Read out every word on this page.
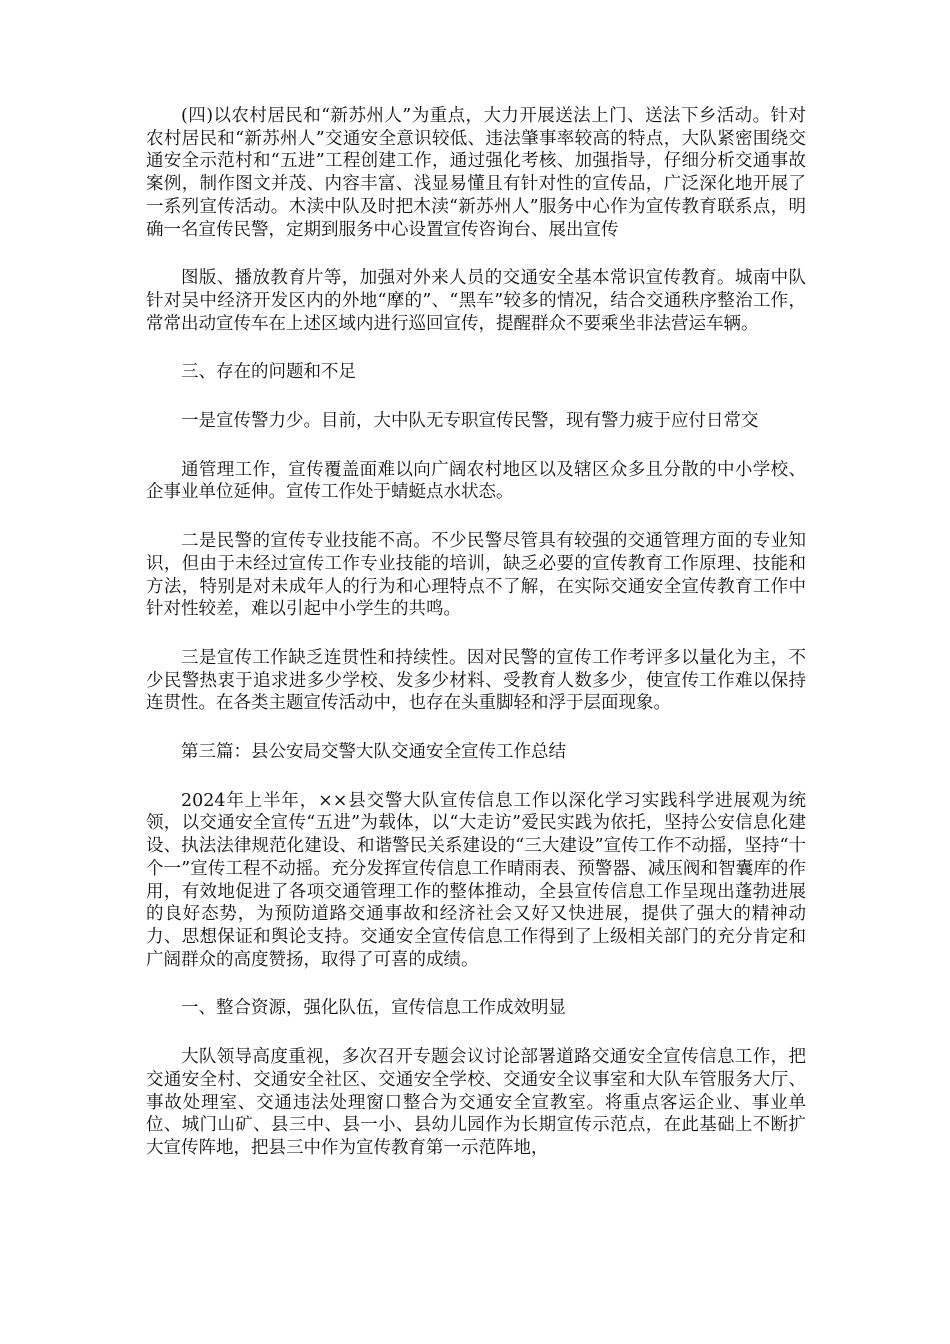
(四)以农村居民和“新苏州人”为重点，大力开展送法上门、送法下乡活动。针对农村居民和“新苏州人”交通安全意识较低、违法肇事率较高的特点，大队紧密围绕交通安全示范村和“五进”工程创建工作，通过强化考核、加强指导，仔细分析交通事故案例，制作图文并茂、内容丰富、浅显易懂且有针对性的宣传品，广泛深化地开展了一系列宣传活动。木渎中队及时把木渎“新苏州人”服务中心作为宣传教育联系点，明确一名宣传民警，定期到服务中心设置宣传咨询台、展出宣传

图版、播放教育片等，加强对外来人员的交通安全基本常识宣传教育。城南中队针对吴中经济开发区内的外地“摩的”、“黑车”较多的情况，结合交通秩序整治工作，常常出动宣传车在上述区域内进行巡回宣传，提醒群众不要乘坐非法营运车辆。

三、存在的问题和不足

一是宣传警力少。目前，大中队无专职宣传民警，现有警力疲于应付日常交

通管理工作，宣传覆盖面难以向广阔农村地区以及辖区众多且分散的中小学校、企事业单位延伸。宣传工作处于蜻蜓点水状态。

二是民警的宣传专业技能不高。不少民警尽管具有较强的交通管理方面的专业知识，但由于未经过宣传工作专业技能的培训，缺乏必要的宣传教育工作原理、技能和方法，特别是对未成年人的行为和心理特点不了解，在实际交通安全宣传教育工作中针对性较差，难以引起中小学生的共鸣。

三是宣传工作缺乏连贯性和持续性。因对民警的宣传工作考评多以量化为主，不少民警热衷于追求进多少学校、发多少材料、受教育人数多少，使宣传工作难以保持连贯性。在各类主题宣传活动中，也存在头重脚轻和浮于层面现象。

第三篇：县公安局交警大队交通安全宣传工作总结

2024年上半年，××县交警大队宣传信息工作以深化学习实践科学进展观为统领，以交通安全宣传“五进”为载体，以“大走访”爱民实践为依托，坚持公安信息化建设、执法法律规范化建设、和谐警民关系建设的“三大建设”宣传工作不动摇，坚持“十个一”宣传工程不动摇。充分发挥宣传信息工作晴雨表、预警器、减压阀和智囊库的作用，有效地促进了各项交通管理工作的整体推动，全县宣传信息工作呈现出蓬勃进展的良好态势，为预防道路交通事故和经济社会又好又快进展，提供了强大的精神动力、思想保证和舆论支持。交通安全宣传信息工作得到了上级相关部门的充分肯定和广阔群众的高度赞扬，取得了可喜的成绩。

一、整合资源，强化队伍，宣传信息工作成效明显

大队领导高度重视，多次召开专题会议讨论部署道路交通安全宣传信息工作，把交通安全村、交通安全社区、交通安全学校、交通安全议事室和大队车管服务大厅、事故处理室、交通违法处理窗口整合为交通安全宣教室。将重点客运企业、事业单位、城门山矿、县三中、县一小、县幼儿园作为长期宣传示范点，在此基础上不断扩大宣传阵地，把县三中作为宣传教育第一示范阵地，
